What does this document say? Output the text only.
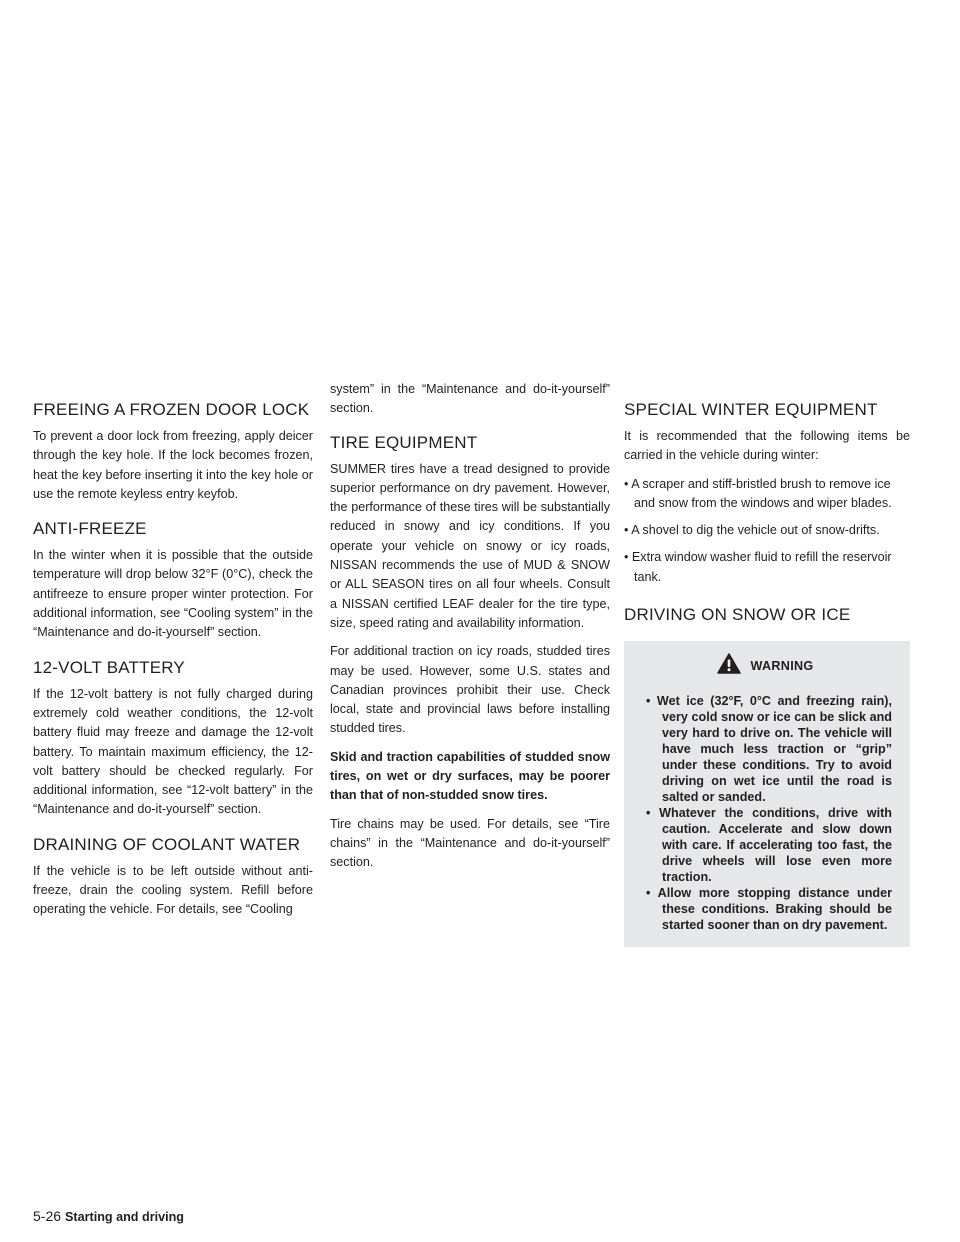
FREEING A FROZEN DOOR LOCK

To prevent a door lock from freezing, apply deicer through the key hole. If the lock becomes frozen, heat the key before inserting it into the key hole or use the remote keyless entry keyfob.

ANTI-FREEZE

In the winter when it is possible that the outside temperature will drop below 32°F (0°C), check the antifreeze to ensure proper winter protection. For additional information, see “Cooling system” in the “Maintenance and do-it-yourself” section.

12-VOLT BATTERY

If the 12-volt battery is not fully charged during extremely cold weather conditions, the 12-volt battery fluid may freeze and damage the 12-volt battery. To maintain maximum efficiency, the 12-volt battery should be checked regularly. For additional information, see “12-volt battery” in the “Maintenance and do-it-yourself” section.

DRAINING OF COOLANT WATER

If the vehicle is to be left outside without anti-freeze, drain the cooling system. Refill before operating the vehicle. For details, see “Cooling

system” in the “Maintenance and do-it-yourself” section.

TIRE EQUIPMENT

SUMMER tires have a tread designed to provide superior performance on dry pavement. However, the performance of these tires will be substantially reduced in snowy and icy conditions. If you operate your vehicle on snowy or icy roads, NISSAN recommends the use of MUD & SNOW or ALL SEASON tires on all four wheels. Consult a NISSAN certified LEAF dealer for the tire type, size, speed rating and availability information.

For additional traction on icy roads, studded tires may be used. However, some U.S. states and Canadian provinces prohibit their use. Check local, state and provincial laws before installing studded tires.

Skid and traction capabilities of studded snow tires, on wet or dry surfaces, may be poorer than that of non-studded snow tires.

Tire chains may be used. For details, see “Tire chains” in the “Maintenance and do-it-yourself” section.

SPECIAL WINTER EQUIPMENT

It is recommended that the following items be carried in the vehicle during winter:

• A scraper and stiff-bristled brush to remove ice and snow from the windows and wiper blades.
• A shovel to dig the vehicle out of snow-drifts.
• Extra window washer fluid to refill the reservoir tank.
DRIVING ON SNOW OR ICE
WARNING
• Wet ice (32°F, 0°C and freezing rain), very cold snow or ice can be slick and very hard to drive on. The vehicle will have much less traction or “grip” under these conditions. Try to avoid driving on wet ice until the road is salted or sanded.
• Whatever the conditions, drive with caution. Accelerate and slow down with care. If accelerating too fast, the drive wheels will lose even more traction.
• Allow more stopping distance under these conditions. Braking should be started sooner than on dry pavement.
5-26 Starting and driving
